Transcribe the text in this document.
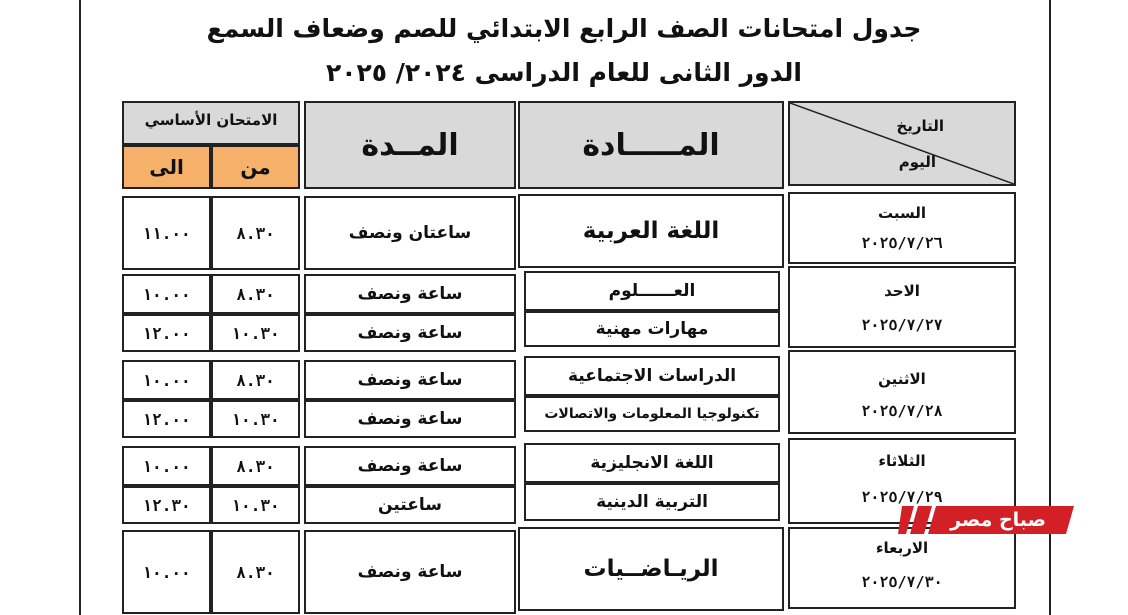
جدول امتحانات الصف الرابع الابتدائي للصم وضعاف السمع
الدور الثانى للعام الدراسى ٢٠٢٤/ ٢٠٢٥
التاريخ
اليوم
المـــــادة
المــدة
الامتحان الأساسي
من
الى
السبت
٢٠٢٥/٧/٢٦
الاحد
٢٠٢٥/٧/٢٧
الاثنين
٢٠٢٥/٧/٢٨
الثلاثاء
٢٠٢٥/٧/٢٩
الاربعاء
٢٠٢٥/٧/٣٠
اللغة العربية
ساعتان ونصف
٨.٣٠
١١.٠٠
العــــــلوم
ساعة ونصف
٨.٣٠
١٠.٠٠
مهارات مهنية
ساعة ونصف
١٠.٣٠
١٢.٠٠
الدراسات الاجتماعية
ساعة ونصف
٨.٣٠
١٠.٠٠
تكنولوجيا المعلومات والاتصالات
ساعة ونصف
١٠.٣٠
١٢.٠٠
اللغة الانجليزية
ساعة ونصف
٨.٣٠
١٠.٠٠
التربية الدينية
ساعتين
١٠.٣٠
١٢.٣٠
الريـاضــيات
ساعة ونصف
٨.٣٠
١٠.٠٠
صباح مصر
